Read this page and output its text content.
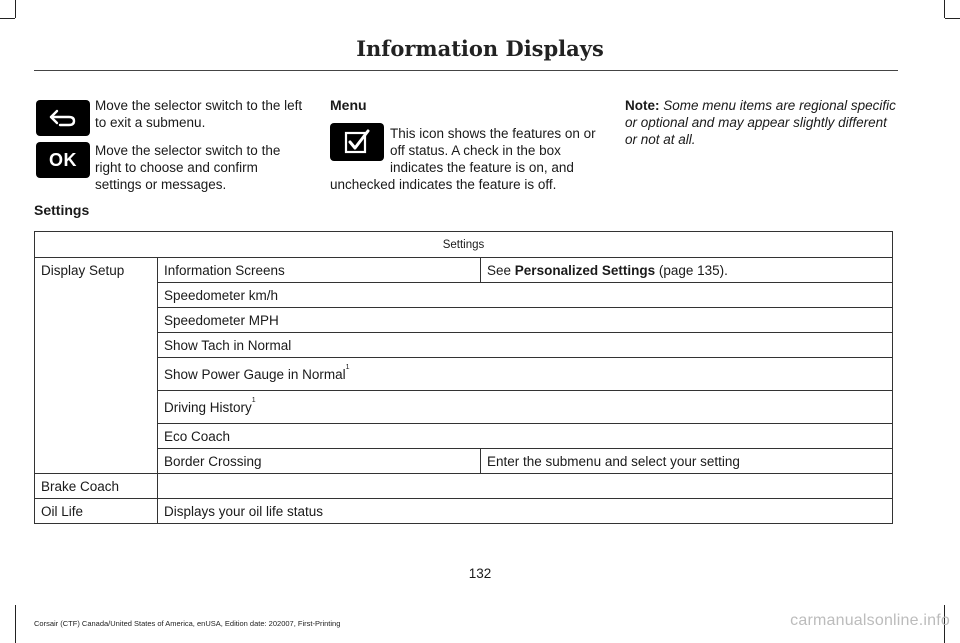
Information Displays

Move the selector switch to the left to exit a submenu.

OK Move the selector switch to the right to choose and confirm settings or messages.

Menu

This icon shows the features on or off status. A check in the box indicates the feature is on, and unchecked indicates the feature is off.

Note: Some menu items are regional specific or optional and may appear slightly different or not at all.

Settings

Settings		
Display Setup	Information Screens	See Personalized Settings (page 135).
	Speedometer km/h	
	Speedometer MPH	
	Show Tach in Normal	
	Show Power Gauge in Normal$^1$
	Driving History$^1$
	Eco Coach	
	Border Crossing	Enter the submenu and select your setting
Brake Coach		
Oil Life	Displays your oil life status	
132
Corsair (CTF) Canada/United States of America, enUSA, Edition date: 202007, First-Printing	carmanualsonline.info
